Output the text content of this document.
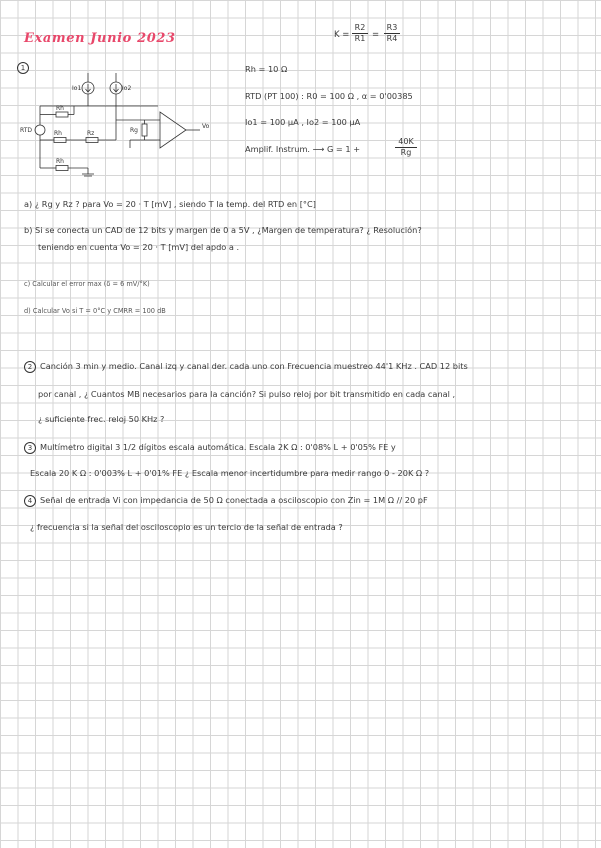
Examen Junio 2023	$K = \frac{R2}{R1} = \frac{R3}{R4}$
1
RTD
Io1	Io2
Rh
Rh	Rz
Rh
Rg
Vo
Rh = 10 Ω
RTD (PT 100) : R0 = 100 Ω , α = 0'00385
Io1 = 100 μA , Io2 = 100 μA
Amplif. Instrum. ⟶ G = 1 +	$\frac{40K}{Rg}$
a) ¿ Rg y Rz ? para Vo = 20 · T [mV] , siendo T la temp. del RTD en [°C]
b) Si se conecta un CAD de 12 bits y margen de 0 a 5V , ¿Margen de temperatura? ¿ Resolución?
teniendo en cuenta Vo = 20 · T [mV] del apdo a .
c) Calcular el error max (δ = 6 mV/°K)
d) Calcular Vo si T = 0°C y CMRR = 100 dB
2 Canción 3 min y medio. Canal izq y canal der. cada uno con Frecuencia muestreo 44'1 KHz . CAD 12 bits
por canal , ¿ Cuantos MB necesarios para la canción? Si pulso reloj por bit transmitido en cada canal ,
¿ suficiente frec. reloj 50 KHz ?
3 Multímetro digital 3 1/2 dígitos escala automática. Escala 2K Ω : 0'08% L + 0'05% FE y
Escala 20 K Ω : 0'003% L + 0'01% FE ¿ Escala menor incertidumbre para medir rango 0 - 20K Ω ?
4 Señal de entrada Vi con impedancia de 50 Ω conectada a osciloscopio con Zin = 1M Ω // 20 pF
¿ frecuencia si la señal del osciloscopio es un tercio de la señal de entrada ?
